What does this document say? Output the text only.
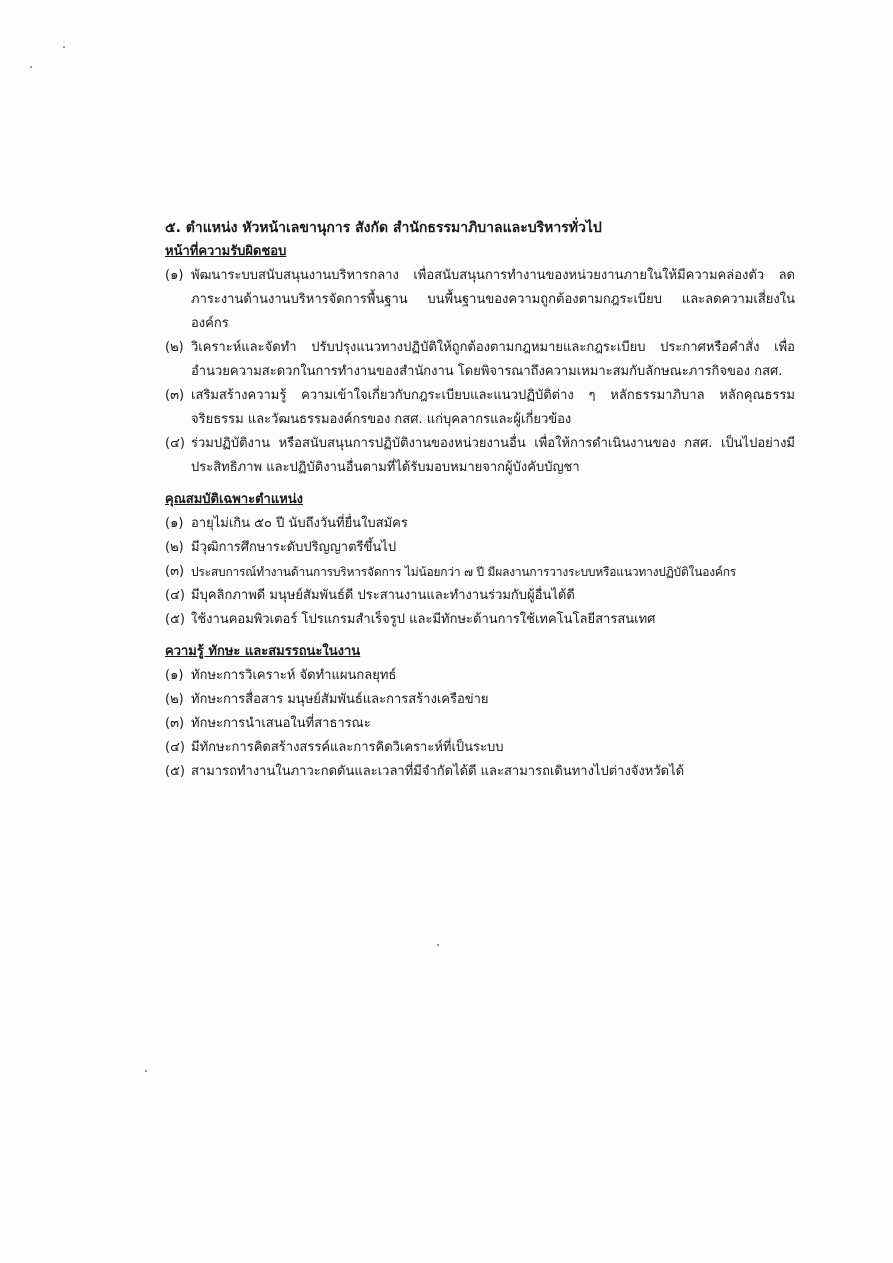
๕. ตำแหน่ง หัวหน้าเลขานุการ สังกัด สำนักธรรมาภิบาลและบริหารทั่วไป

หน้าที่ความรับผิดชอบ

(๑) พัฒนาระบบสนับสนุนงานบริหารกลาง เพื่อสนับสนุนการทำงานของหน่วยงานภายในให้มีความคล่องตัว ลดภาระงานด้านงานบริหารจัดการพื้นฐาน บนพื้นฐานของความถูกต้องตามกฎระเบียบ และลดความเสี่ยงในองค์กร
(๒) วิเคราะห์และจัดทำ ปรับปรุงแนวทางปฏิบัติให้ถูกต้องตามกฎหมายและกฎระเบียบ ประกาศหรือคำสั่ง เพื่ออำนวยความสะดวกในการทำงานของสำนักงาน โดยพิจารณาถึงความเหมาะสมกับลักษณะภารกิจของ กสศ.
(๓) เสริมสร้างความรู้ ความเข้าใจเกี่ยวกับกฎระเบียบและแนวปฏิบัติต่าง ๆ หลักธรรมาภิบาล หลักคุณธรรม จริยธรรม และวัฒนธรรมองค์กรของ กสศ. แก่บุคลากรและผู้เกี่ยวข้อง
(๔) ร่วมปฏิบัติงาน หรือสนับสนุนการปฏิบัติงานของหน่วยงานอื่น เพื่อให้การดำเนินงานของ กสศ. เป็นไปอย่างมีประสิทธิภาพ และปฏิบัติงานอื่นตามที่ได้รับมอบหมายจากผู้บังคับบัญชา

คุณสมบัติเฉพาะตำแหน่ง

(๑) อายุไม่เกิน ๕๐ ปี นับถึงวันที่ยื่นใบสมัคร
(๒) มีวุฒิการศึกษาระดับปริญญาตรีขึ้นไป
(๓) ประสบการณ์ทำงานด้านการบริหารจัดการ ไม่น้อยกว่า ๗ ปี มีผลงานการวางระบบหรือแนวทางปฏิบัติในองค์กร
(๔) มีบุคลิกภาพดี มนุษย์สัมพันธ์ดี ประสานงานและทำงานร่วมกับผู้อื่นได้ดี
(๕) ใช้งานคอมพิวเตอร์ โปรแกรมสำเร็จรูป และมีทักษะด้านการใช้เทคโนโลยีสารสนเทศ

ความรู้ ทักษะ และสมรรถนะในงาน

(๑) ทักษะการวิเคราะห์ จัดทำแผนกลยุทธ์
(๒) ทักษะการสื่อสาร มนุษย์สัมพันธ์และการสร้างเครือข่าย
(๓) ทักษะการนำเสนอในที่สาธารณะ
(๔) มีทักษะการคิดสร้างสรรค์และการคิดวิเคราะห์ที่เป็นระบบ
(๕) สามารถทำงานในภาวะกดดันและเวลาที่มีจำกัดได้ดี และสามารถเดินทางไปต่างจังหวัดได้
